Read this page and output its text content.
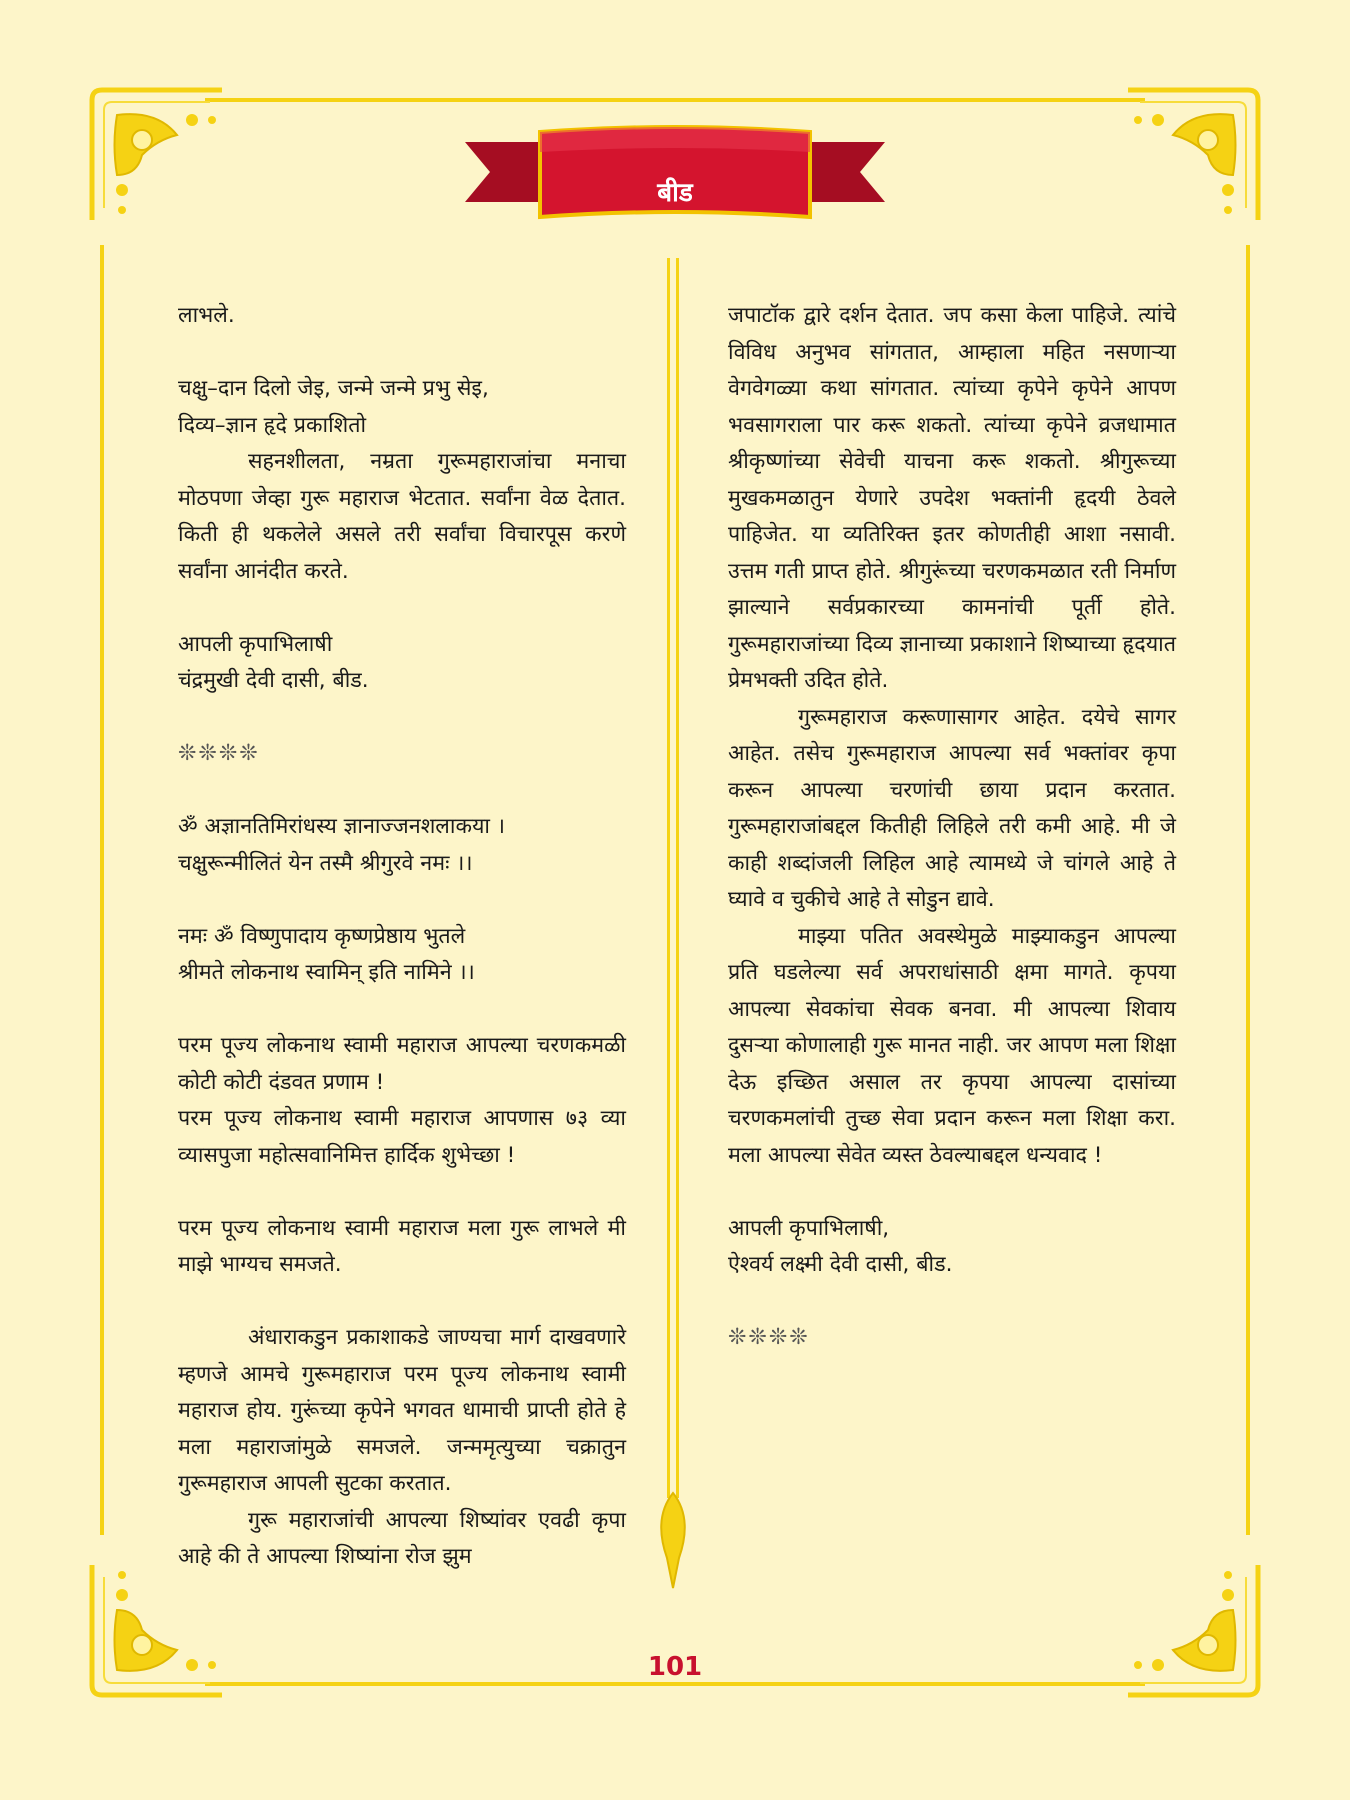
बीड

लाभले.

चक्षु–दान दिलो जेइ, जन्मे जन्मे प्रभु सेइ,

दिव्य–ज्ञान हृदे प्रकाशितो

सहनशीलता, नम्रता गुरूमहाराजांचा मनाचा मोठपणा जेव्हा गुरू महाराज भेटतात. सर्वांना वेळ देतात. किती ही थकलेले असले तरी सर्वांचा विचारपूस करणे सर्वांना आनंदीत करते.

आपली कृपाभिलाषी

चंद्रमुखी देवी दासी, बीड.

❊❊❊❊

ॐ अज्ञानतिमिरांधस्य ज्ञानाज्जनशलाकया ।

चक्षुरून्मीलितं येन तस्मै श्रीगुरवे नमः ।।

नमः ॐ विष्णुपादाय कृष्णप्रेष्ठाय भुतले

श्रीमते लोकनाथ स्वामिन् इति नामिने ।।

परम पूज्य लोकनाथ स्वामी महाराज आपल्या चरणकमळी कोटी कोटी दंडवत प्रणाम !

परम पूज्य लोकनाथ स्वामी महाराज आपणास ७३ व्या व्यासपुजा महोत्सवानिमित्त हार्दिक शुभेच्छा !

परम पूज्य लोकनाथ स्वामी महाराज मला गुरू लाभले मी माझे भाग्यच समजते.

अंधाराकडुन प्रकाशाकडे जाण्यचा मार्ग दाखवणारे म्हणजे आमचे गुरूमहाराज परम पूज्य लोकनाथ स्वामी महाराज होय. गुरूंच्या कृपेने भगवत धामाची प्राप्ती होते हे मला महाराजांमुळे समजले. जन्ममृत्युच्या चक्रातुन गुरूमहाराज आपली सुटका करतात.

गुरू महाराजांची आपल्या शिष्यांवर एवढी कृपा आहे की ते आपल्या शिष्यांना रोज झुम

जपाटॉक द्वारे दर्शन देतात. जप कसा केला पाहिजे. त्यांचे विविध अनुभव सांगतात, आम्हाला महित नसणाऱ्या वेगवेगळ्या कथा सांगतात. त्यांच्या कृपेने कृपेने आपण भवसागराला पार करू शकतो. त्यांच्या कृपेने व्रजधामात श्रीकृष्णांच्या सेवेची याचना करू शकतो. श्रीगुरूच्या मुखकमळातुन येणारे उपदेश भक्तांनी हृदयी ठेवले पाहिजेत. या व्यतिरिक्त इतर कोणतीही आशा नसावी. उत्तम गती प्राप्त होते. श्रीगुरूंच्या चरणकमळात रती निर्माण झाल्याने सर्वप्रकारच्या कामनांची पूर्ती होते. गुरूमहाराजांच्या दिव्य ज्ञानाच्या प्रकाशाने शिष्याच्या हृदयात प्रेमभक्ती उदित होते.

गुरूमहाराज करूणासागर आहेत. दयेचे सागर आहेत. तसेच गुरूमहाराज आपल्या सर्व भक्तांवर कृपा करून आपल्या चरणांची छाया प्रदान करतात. गुरूमहाराजांबद्दल कितीही लिहिले तरी कमी आहे. मी जे काही शब्दांजली लिहिल आहे त्यामध्ये जे चांगले आहे ते घ्यावे व चुकीचे आहे ते सोडुन द्यावे.

माझ्या पतित अवस्थेमुळे माझ्याकडुन आपल्या प्रति घडलेल्या सर्व अपराधांसाठी क्षमा मागते. कृपया आपल्या सेवकांचा सेवक बनवा. मी आपल्या शिवाय दुसऱ्या कोणालाही गुरू मानत नाही. जर आपण मला शिक्षा देऊ इच्छित असाल तर कृपया आपल्या दासांच्या चरणकमलांची तुच्छ सेवा प्रदान करून मला शिक्षा करा. मला आपल्या सेवेत व्यस्त ठेवल्याबद्दल धन्यवाद !

आपली कृपाभिलाषी,

ऐश्वर्य लक्ष्मी देवी दासी, बीड.

❊❊❊❊

101
